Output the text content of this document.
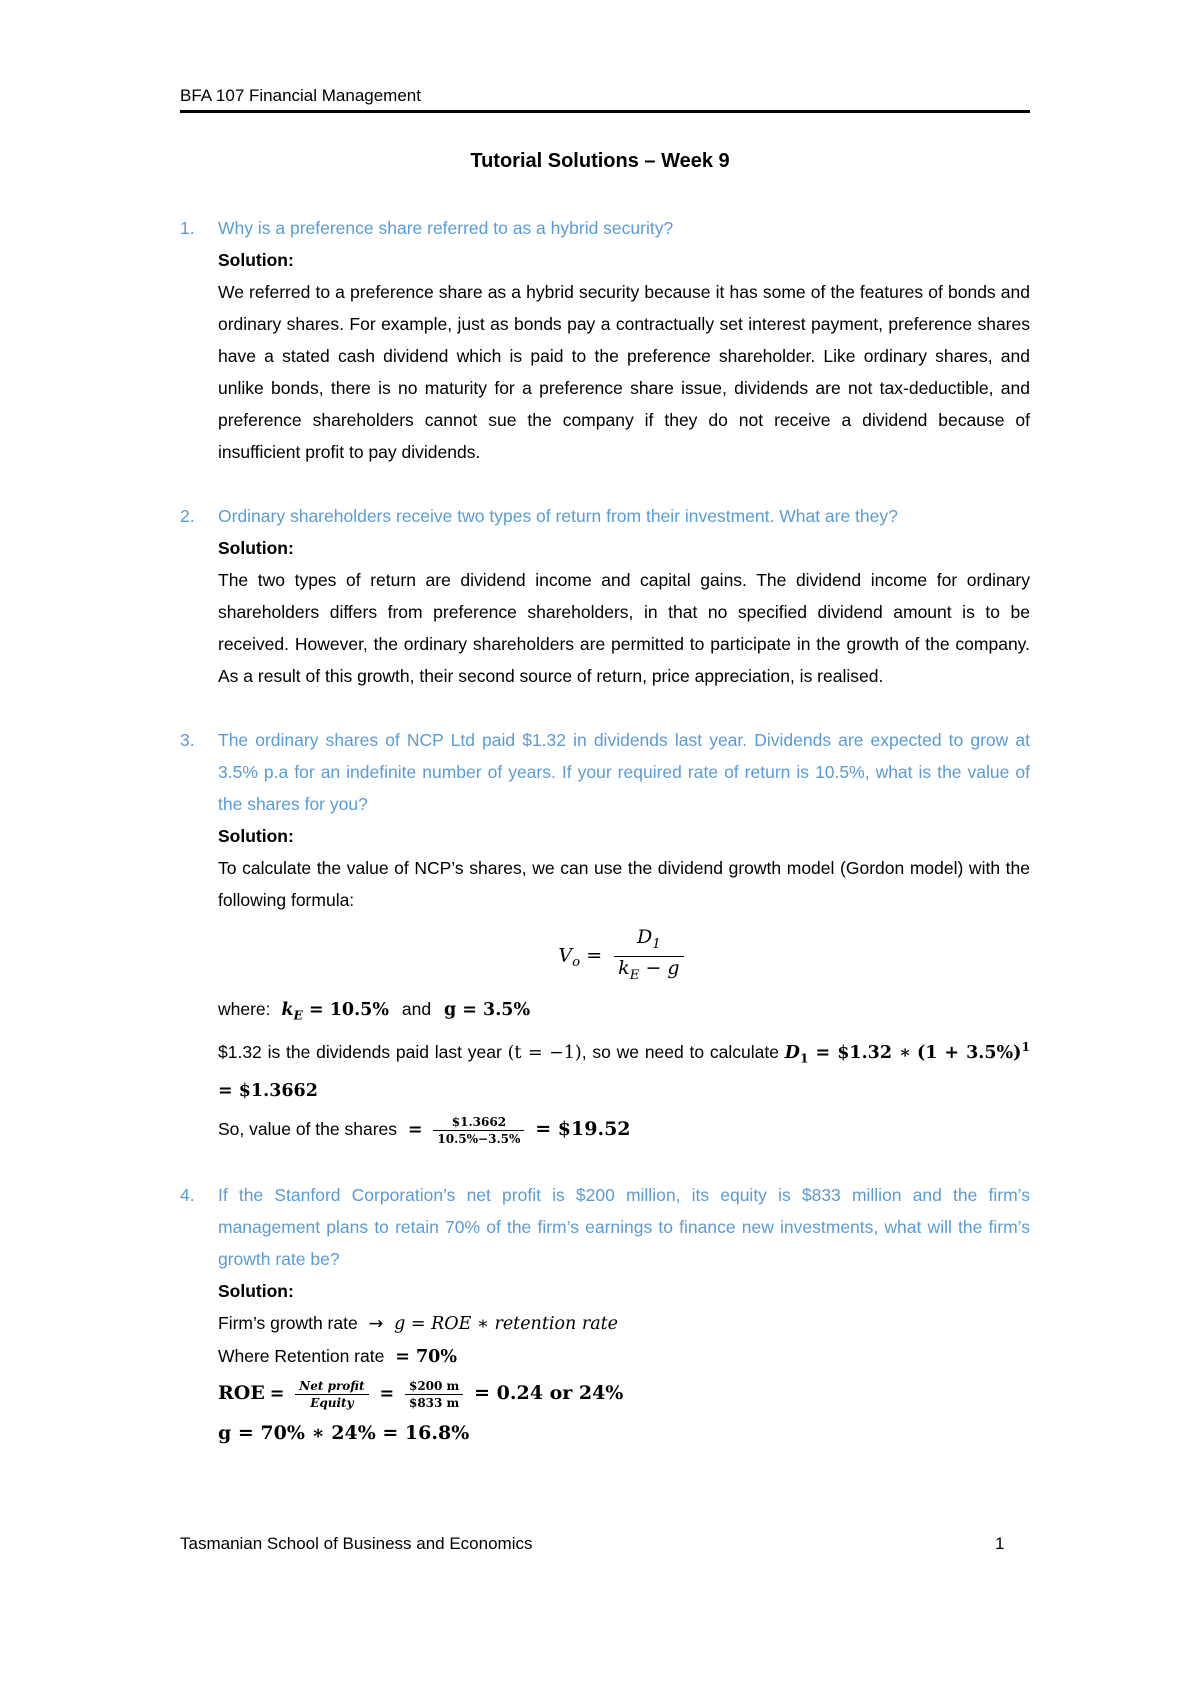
BFA 107 Financial Management
Tutorial Solutions – Week 9
1. Why is a preference share referred to as a hybrid security?
Solution:
We referred to a preference share as a hybrid security because it has some of the features of bonds and ordinary shares. For example, just as bonds pay a contractually set interest payment, preference shares have a stated cash dividend which is paid to the preference shareholder. Like ordinary shares, and unlike bonds, there is no maturity for a preference share issue, dividends are not tax-deductible, and preference shareholders cannot sue the company if they do not receive a dividend because of insufficient profit to pay dividends.
2. Ordinary shareholders receive two types of return from their investment. What are they?
Solution:
The two types of return are dividend income and capital gains. The dividend income for ordinary shareholders differs from preference shareholders, in that no specified dividend amount is to be received. However, the ordinary shareholders are permitted to participate in the growth of the company. As a result of this growth, their second source of return, price appreciation, is realised.
3. The ordinary shares of NCP Ltd paid $1.32 in dividends last year. Dividends are expected to grow at 3.5% p.a for an indefinite number of years. If your required rate of return is 10.5%, what is the value of the shares for you?
Solution:
To calculate the value of NCP’s shares, we can use the dividend growth model (Gordon model) with the following formula:
$V_o = \frac{D_1}{k_E - g}$
where: $k_E = 10.5\%$ and g = 3.5%
$1.32 is the dividends paid last year (t = −1), so we need to calculate $D_1$ = $1.32 ∗ $(1 + 3.5\%)^1$ = $1.3662
So, value of the shares = $\frac{\$1.3662}{10.5\%-3.5\%}$ = $19.52
4. If the Stanford Corporation’s net profit is $200 million, its equity is $833 million and the firm’s management plans to retain 70% of the firm’s earnings to finance new investments, what will the firm’s growth rate be?
Solution:
Firm’s growth rate → g = ROE ∗ retention rate
Where Retention rate = 70%
ROE = $\frac{\text{Net profit}}{\text{Equity}} = \frac{\$200 m}{\$833 m} = 0.24$ or 24%
g = 70% ∗ 24% = 16.8%
Tasmanian School of Business and Economics	1
